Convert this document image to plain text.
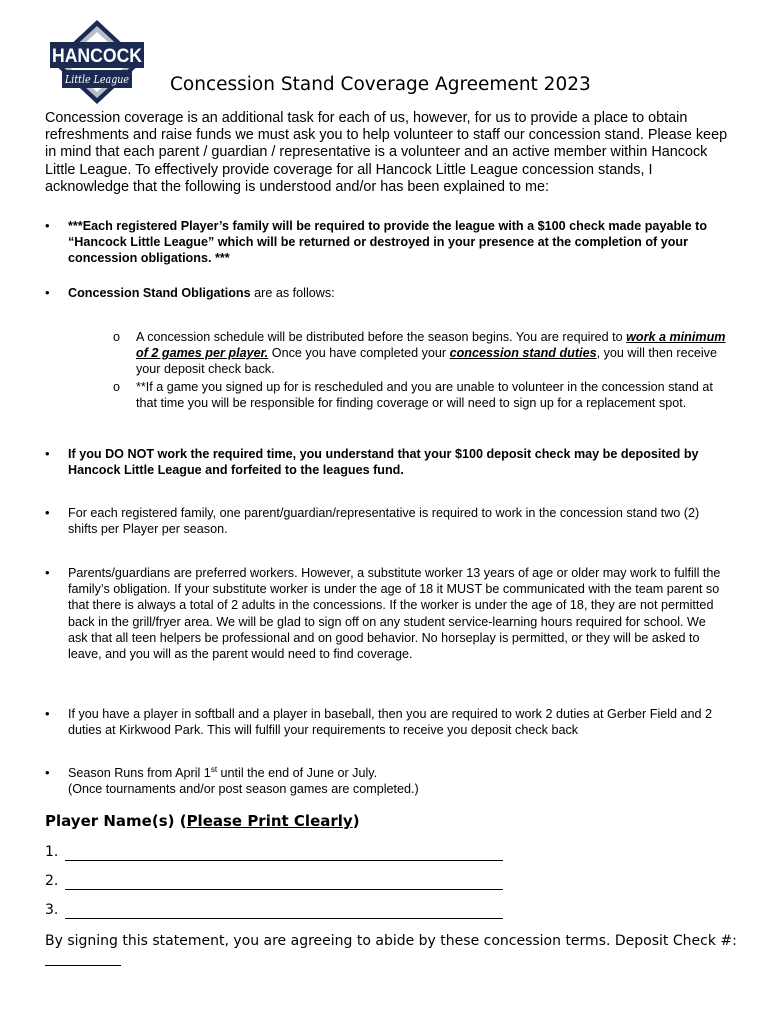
HANCOCK
Little League Concession Stand Coverage Agreement 2023
Concession coverage is an additional task for each of us, however, for us to provide a place to obtain refreshments and raise funds we must ask you to help volunteer to staff our concession stand. Please keep in mind that each parent / guardian / representative is a volunteer and an active member within Hancock Little League. To effectively provide coverage for all Hancock Little League concession stands, I acknowledge that the following is understood and/or has been explained to me:
• ***Each registered Player’s family will be required to provide the league with a $100 check made payable to “Hancock Little League” which will be returned or destroyed in your presence at the completion of your concession obligations. ***
• Concession Stand Obligations are as follows:
o A concession schedule will be distributed before the season begins. You are required to work a minimum of 2 games per player. Once you have completed your concession stand duties, you will then receive your deposit check back.
o **If a game you signed up for is rescheduled and you are unable to volunteer in the concession stand at that time you will be responsible for finding coverage or will need to sign up for a replacement spot.
• If you DO NOT work the required time, you understand that your $100 deposit check may be deposited by Hancock Little League and forfeited to the leagues fund.
• For each registered family, one parent/guardian/representative is required to work in the concession stand two (2) shifts per Player per season.
• Parents/guardians are preferred workers. However, a substitute worker 13 years of age or older may work to fulfill the family’s obligation. If your substitute worker is under the age of 18 it MUST be communicated with the team parent so that there is always a total of 2 adults in the concessions. If the worker is under the age of 18, they are not permitted back in the grill/fryer area. We will be glad to sign off on any student service-learning hours required for school. We ask that all teen helpers be professional and on good behavior. No horseplay is permitted, or they will be asked to leave, and you will as the parent would need to find coverage.
• If you have a player in softball and a player in baseball, then you are required to work 2 duties at Gerber Field and 2 duties at Kirkwood Park. This will fulfill your requirements to receive you deposit check back
• Season Runs from April 1st until the end of June or July.
(Once tournaments and/or post season games are completed.)
Player Name(s) (Please Print Clearly)
1.
2.
3.
By signing this statement, you are agreeing to abide by these concession terms. Deposit Check #:
